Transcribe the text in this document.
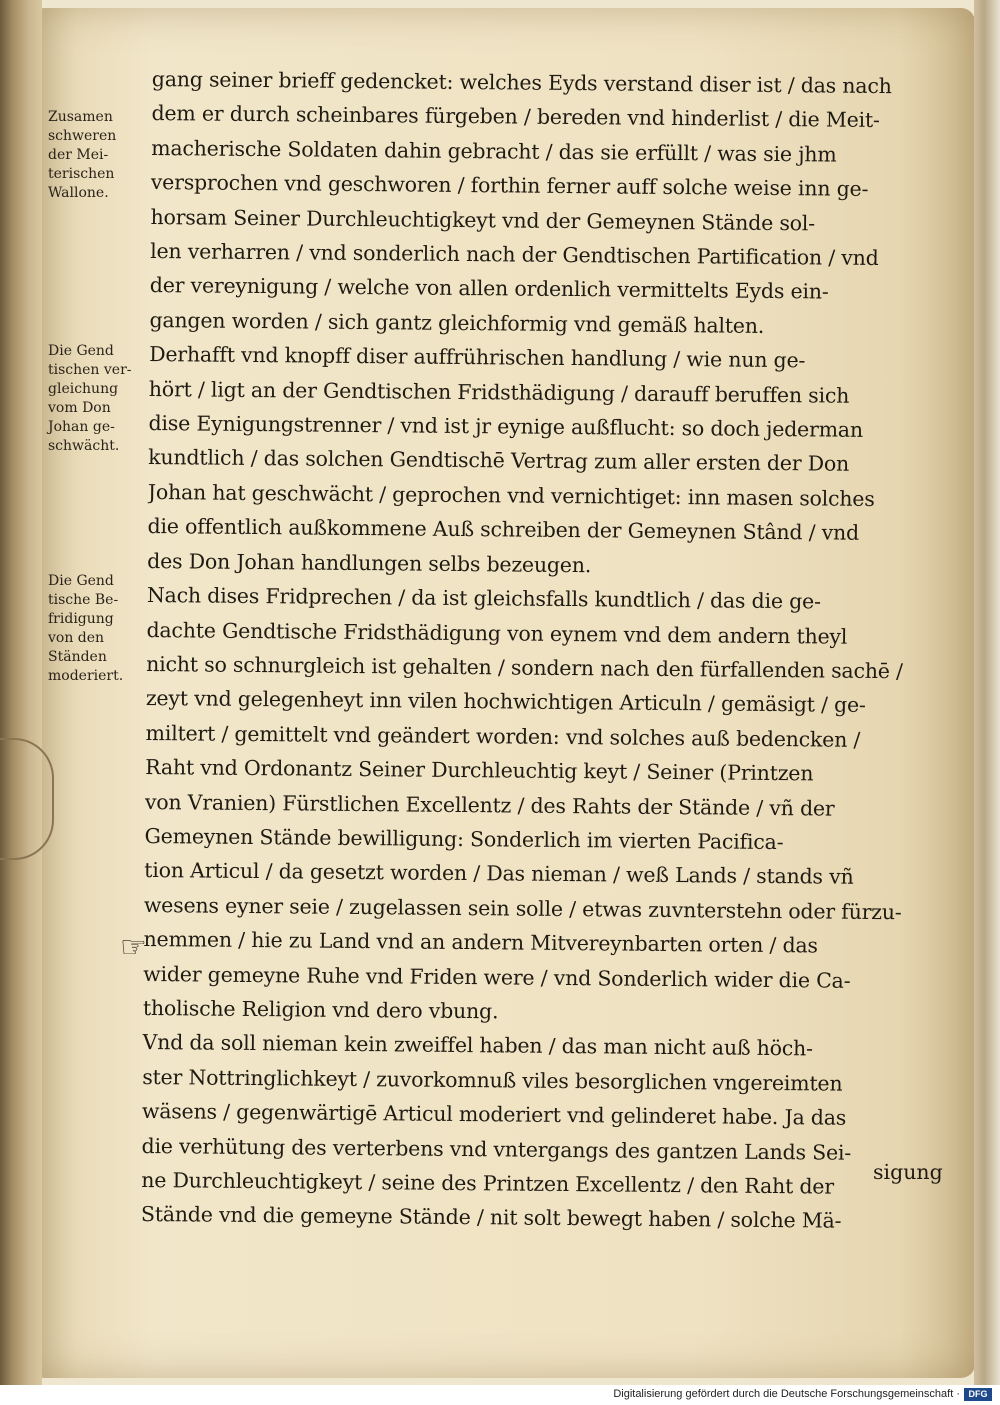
Zusamen
schweren
der Mei-
terischen
Wallone.
Die Gend
tischen ver-
gleichung
vom Don
Johan ge-
schwächt.
Die Gend
tische Be-
fridigung
von den
Ständen
moderiert.
☞
gang seiner brieff gedencket: welches Eyds verstand diser ist / das nach
dem er durch scheinbares fürgeben / bereden vnd hinderlist / die Meit-
macherische Soldaten dahin gebracht / das sie erfüllt / was sie jhm
versprochen vnd geschworen / forthin ferner auff solche weise inn ge-
horsam Seiner Durchleuchtigkeyt vnd der Gemeynen Stände sol-
len verharren / vnd sonderlich nach der Gendtischen Partification / vnd
der vereynigung / welche von allen ordenlich vermittelts Eyds ein-
gangen worden / sich gantz gleichformig vnd gemäß halten.
Derhafft vnd knopff diser auffrührischen handlung / wie nun ge-
hört / ligt an der Gendtischen Fridsthädigung / darauff beruffen sich
dise Eynigungstrenner / vnd ist jr eynige außflucht: so doch jederman
kundtlich / das solchen Gendtischē Vertrag zum aller ersten der Don
Johan hat geschwächt / geprochen vnd vernichtiget: inn masen solches
die offentlich außkommene Auß schreiben der Gemeynen Stând / vnd
des Don Johan handlungen selbs bezeugen.
Nach dises Fridprechen / da ist gleichsfalls kundtlich / das die ge-
dachte Gendtische Fridsthädigung von eynem vnd dem andern theyl
nicht so schnurgleich ist gehalten / sondern nach den fürfallenden sachē /
zeyt vnd gelegenheyt inn vilen hochwichtigen Articuln / gemäsigt / ge-
miltert / gemittelt vnd geändert worden: vnd solches auß bedencken /
Raht vnd Ordonantz Seiner Durchleuchtig keyt / Seiner (Printzen
von Vranien) Fürstlichen Excellentz / des Rahts der Stände / vñ der
Gemeynen Stände bewilligung: Sonderlich im vierten Pacifica-
tion Articul / da gesetzt worden / Das nieman / weß Lands / stands vñ
wesens eyner seie / zugelassen sein solle / etwas zuvnterstehn oder fürzu-
nemmen / hie zu Land vnd an andern Mitvereynbarten orten / das
wider gemeyne Ruhe vnd Friden were / vnd Sonderlich wider die Ca-
tholische Religion vnd dero vbung.
Vnd da soll nieman kein zweiffel haben / das man nicht auß höch-
ster Nottringlichkeyt / zuvorkomnuß viles besorglichen vngereimten
wäsens / gegenwärtigē Articul moderiert vnd gelinderet habe. Ja das
die verhütung des verterbens vnd vntergangs des gantzen Lands Sei-
ne Durchleuchtigkeyt / seine des Printzen Excellentz / den Raht der
Stände vnd die gemeyne Stände / nit solt bewegt haben / solche Mä-
sigung
Digitalisierung gefördert durch die Deutsche Forschungsgemeinschaft · DFG
